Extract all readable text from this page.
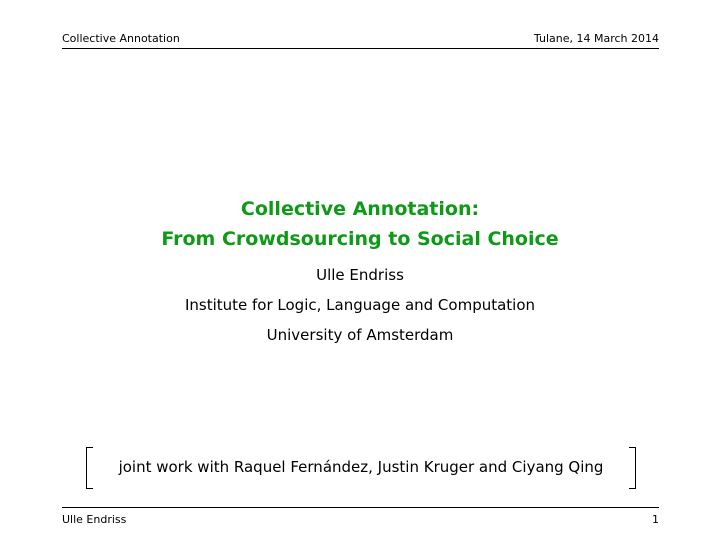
Collective Annotation	Tulane, 14 March 2014
Collective Annotation:
From Crowdsourcing to Social Choice
Ulle Endriss
Institute for Logic, Language and Computation
University of Amsterdam
joint work with Raquel Fernández, Justin Kruger and Ciyang Qing
Ulle Endriss	1
